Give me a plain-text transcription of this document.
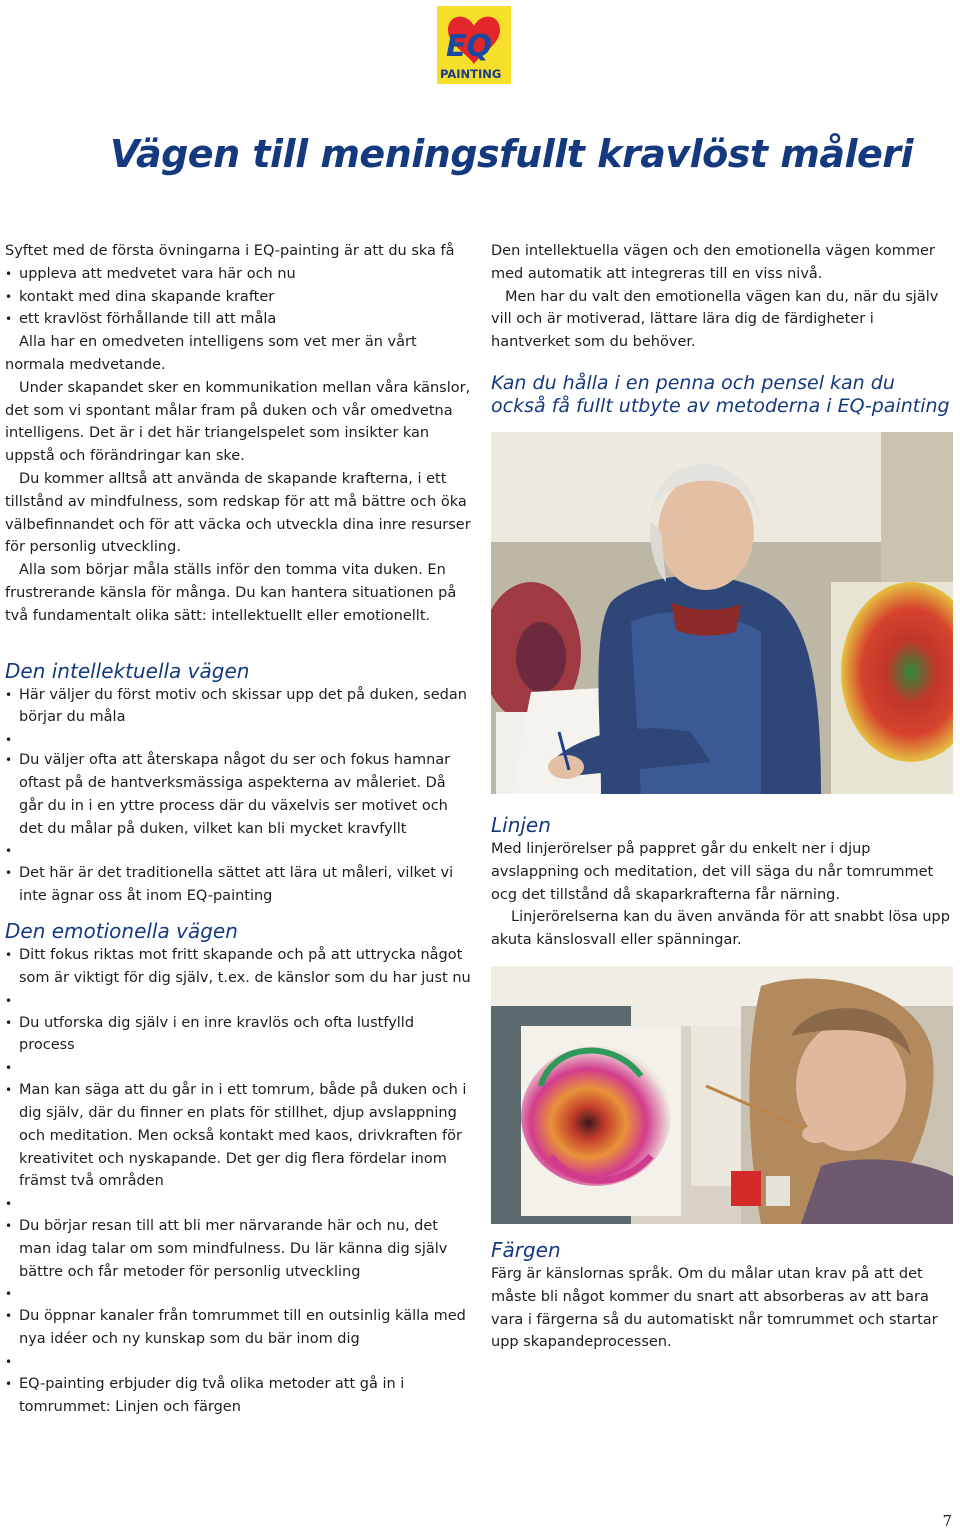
EQ
PAINTING
Vägen till meningsfullt kravlöst måleri

Syftet med de första övningarna i EQ-painting är att du ska få

• uppleva att medvetet vara här och nu
• kontakt med dina skapande krafter
• ett kravlöst förhållande till att måla

Alla har en omedveten intelligens som vet mer än vårt normala medvetande.

Under skapandet sker en kommunikation mellan våra känslor, det som vi spontant målar fram på duken och vår omedvetna intelligens. Det är i det här triangelspelet som insikter kan uppstå och förändringar kan ske.

Du kommer alltså att använda de skapande krafterna, i ett tillstånd av mindfulness, som redskap för att må bättre och öka välbefinnandet och för att väcka och utveckla dina inre resurser för personlig utveckling.

Alla som börjar måla ställs inför den tomma vita duken. En frustrerande känsla för många. Du kan hantera situationen på två fundamentalt olika sätt: intellektuellt eller emotionellt.

Den intellektuella vägen
• Här väljer du först motiv och skissar upp det på duken, sedan börjar du måla
•
• Du väljer ofta att återskapa något du ser och fokus hamnar oftast på de hantverksmässiga aspekterna av måleriet. Då går du in i en yttre process där du växelvis ser motivet och det du målar på duken, vilket kan bli mycket kravfyllt
•
• Det här är det traditionella sättet att lära ut måleri, vilket vi inte ägnar oss åt inom EQ-painting
Den emotionella vägen
• Ditt fokus riktas mot fritt skapande och på att uttrycka något som är viktigt för dig själv, t.ex. de känslor som du har just nu
•
• Du utforska dig själv i en inre kravlös och ofta lustfylld process
•
• Man kan säga att du går in i ett tomrum, både på duken och i dig själv, där du finner en plats för stillhet, djup avslappning och meditation. Men också kontakt med kaos, drivkraften för kreativitet och nyskapande. Det ger dig flera fördelar inom främst två områden
•
• Du börjar resan till att bli mer närvarande här och nu, det man idag talar om som mindfulness. Du lär känna dig själv bättre och får metoder för personlig utveckling
•
• Du öppnar kanaler från tomrummet till en outsinlig källa med nya idéer och ny kunskap som du bär inom dig
•
• EQ-painting erbjuder dig två olika metoder att gå in i tomrummet: Linjen och färgen

Den intellektuella vägen och den emotionella vägen kommer med automatik att integreras till en viss nivå.

Men har du valt den emotionella vägen kan du, när du själv vill och är motiverad, lättare lära dig de färdigheter i hantverket som du behöver.

Kan du hålla i en penna och pensel kan du också få fullt utbyte av metoderna i EQ-painting
Linjen

Med linjerörelser på pappret går du enkelt ner i djup avslappning och meditation, det vill säga du når tomrummet ocg det tillstånd då skaparkrafterna får närning.

Linjerörelserna kan du även använda för att snabbt lösa upp akuta känslosvall eller spänningar.

Färgen

Färg är känslornas språk. Om du målar utan krav på att det måste bli något kommer du snart att absorberas av att bara vara i färgerna så du automatiskt når tomrummet och startar upp skapandeprocessen.

7
